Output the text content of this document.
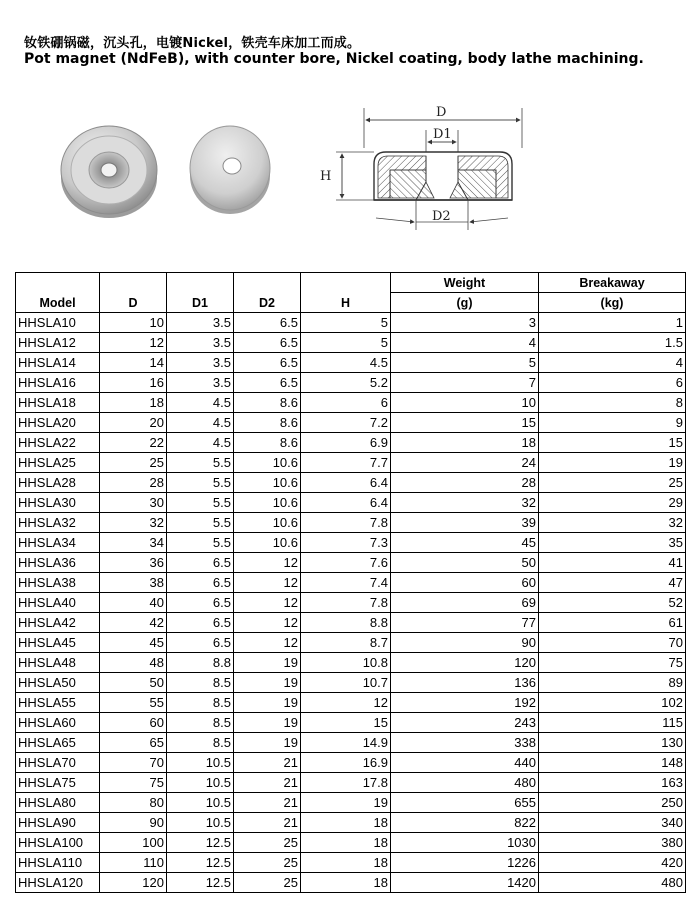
钕铁硼锅磁，沉头孔，电镀Nickel，铁壳车床加工而成。
Pot magnet (NdFeB), with counter bore, Nickel coating, body lathe machining.
D
D1
H
D2
Model	D	D1	D2	H	Weight	Breakaway
					(g)	(kg)
HHSLA10	10	3.5	6.5	5	3	1
HHSLA12	12	3.5	6.5	5	4	1.5
HHSLA14	14	3.5	6.5	4.5	5	4
HHSLA16	16	3.5	6.5	5.2	7	6
HHSLA18	18	4.5	8.6	6	10	8
HHSLA20	20	4.5	8.6	7.2	15	9
HHSLA22	22	4.5	8.6	6.9	18	15
HHSLA25	25	5.5	10.6	7.7	24	19
HHSLA28	28	5.5	10.6	6.4	28	25
HHSLA30	30	5.5	10.6	6.4	32	29
HHSLA32	32	5.5	10.6	7.8	39	32
HHSLA34	34	5.5	10.6	7.3	45	35
HHSLA36	36	6.5	12	7.6	50	41
HHSLA38	38	6.5	12	7.4	60	47
HHSLA40	40	6.5	12	7.8	69	52
HHSLA42	42	6.5	12	8.8	77	61
HHSLA45	45	6.5	12	8.7	90	70
HHSLA48	48	8.8	19	10.8	120	75
HHSLA50	50	8.5	19	10.7	136	89
HHSLA55	55	8.5	19	12	192	102
HHSLA60	60	8.5	19	15	243	115
HHSLA65	65	8.5	19	14.9	338	130
HHSLA70	70	10.5	21	16.9	440	148
HHSLA75	75	10.5	21	17.8	480	163
HHSLA80	80	10.5	21	19	655	250
HHSLA90	90	10.5	21	18	822	340
HHSLA100	100	12.5	25	18	1030	380
HHSLA110	110	12.5	25	18	1226	420
HHSLA120	120	12.5	25	18	1420	480
